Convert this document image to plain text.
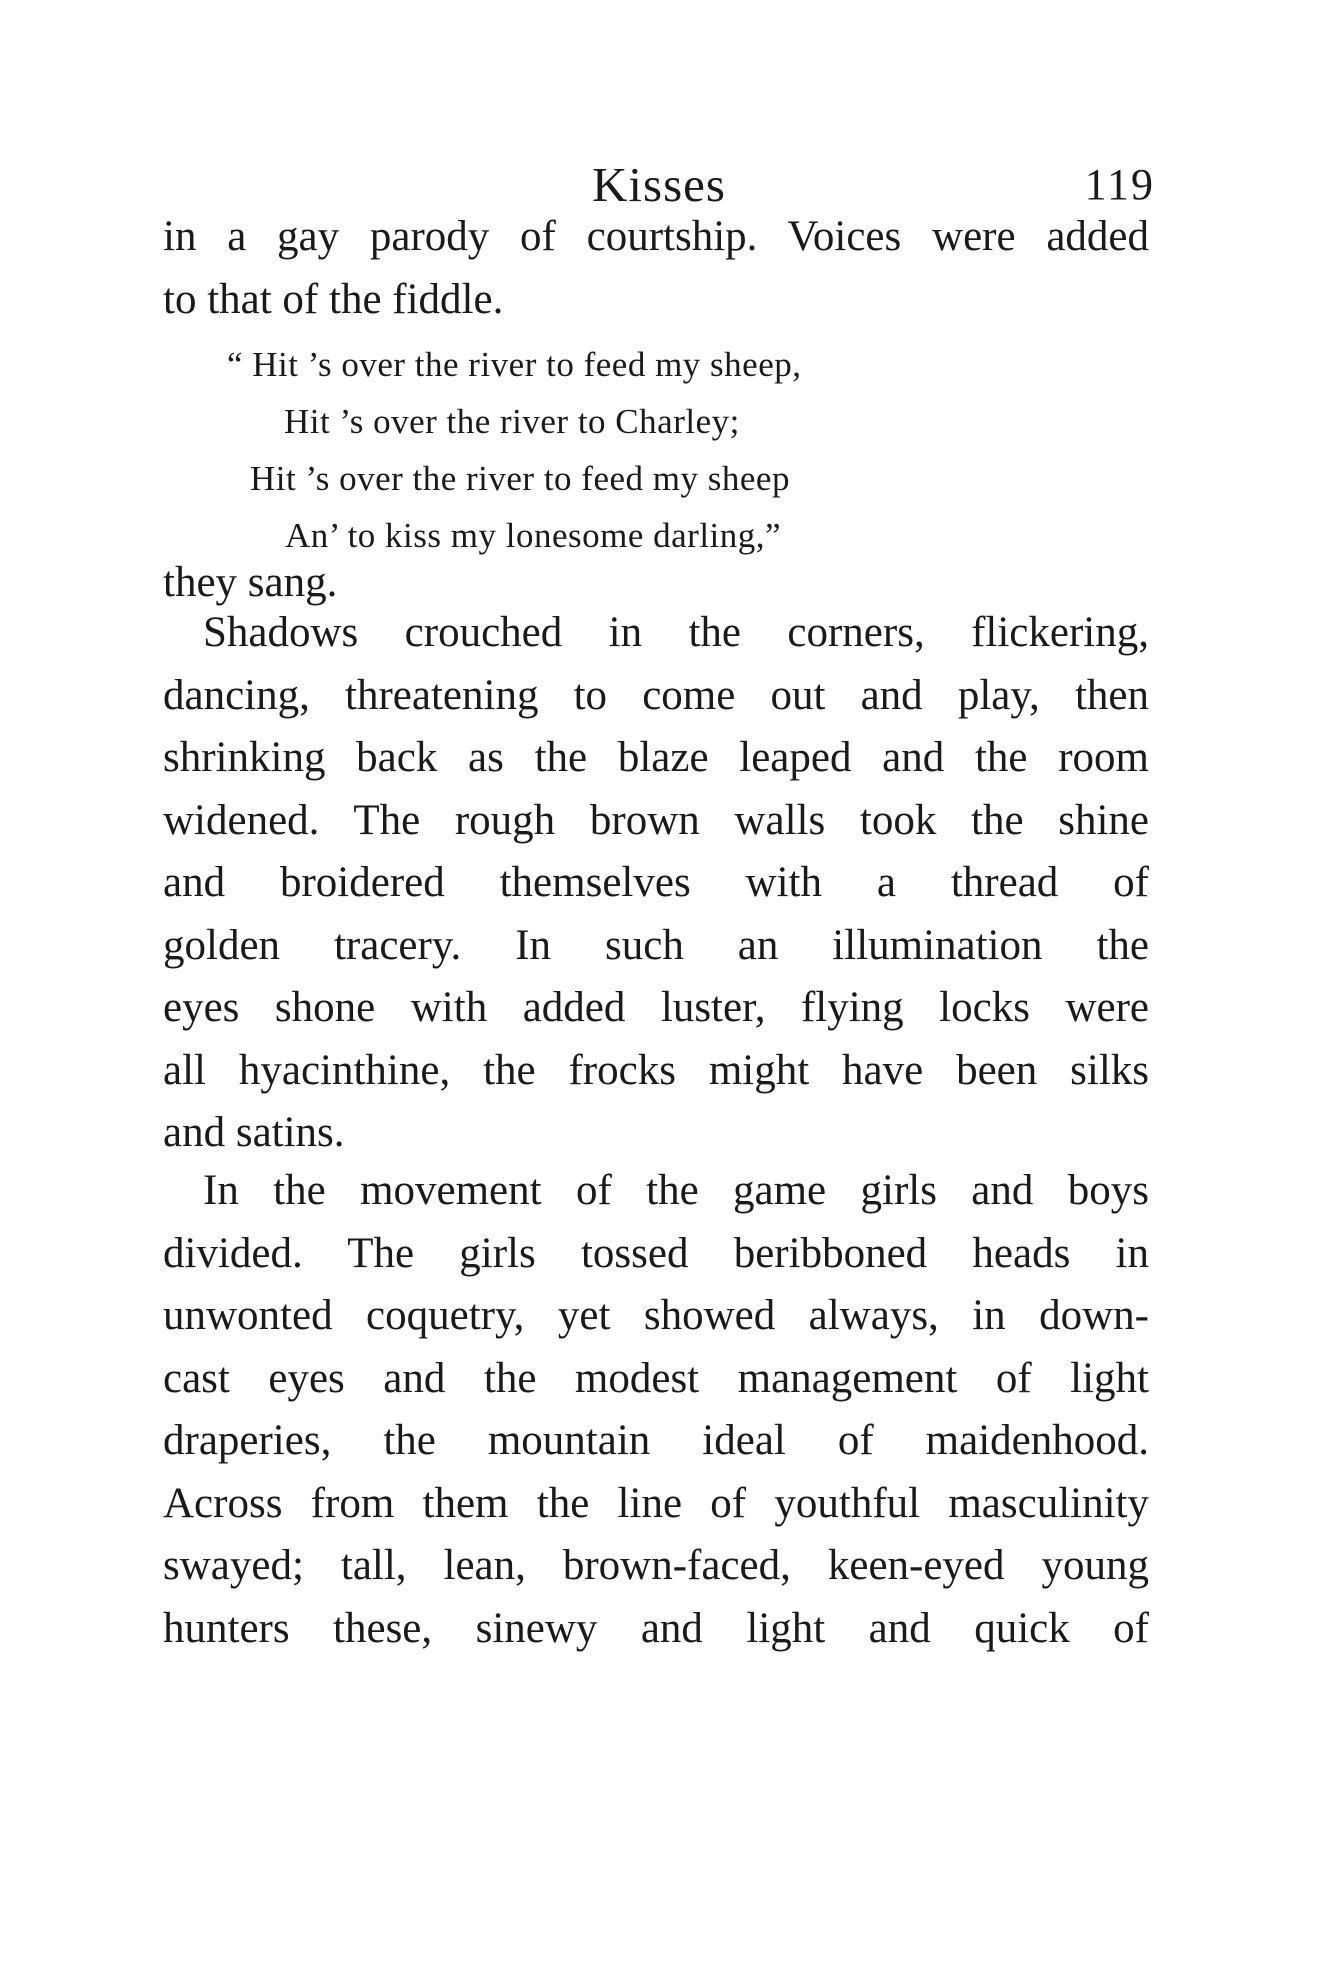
Kisses	119
in a gay parody of courtship. Voices were added
to that of the fiddle.
“ Hit ’s over the river to feed my sheep,
Hit ’s over the river to Charley;
Hit ’s over the river to feed my sheep
An’ to kiss my lonesome darling,”
they sang.
Shadows crouched in the corners, flickering,
dancing, threatening to come out and play, then
shrinking back as the blaze leaped and the room
widened. The rough brown walls took the shine
and broidered themselves with a thread of
golden tracery. In such an illumination the
eyes shone with added luster, flying locks were
all hyacinthine, the frocks might have been silks
and satins.
In the movement of the game girls and boys
divided. The girls tossed beribboned heads in
unwonted coquetry, yet showed always, in down-
cast eyes and the modest management of light
draperies, the mountain ideal of maidenhood.
Across from them the line of youthful masculinity
swayed; tall, lean, brown-faced, keen-eyed young
hunters these, sinewy and light and quick of
